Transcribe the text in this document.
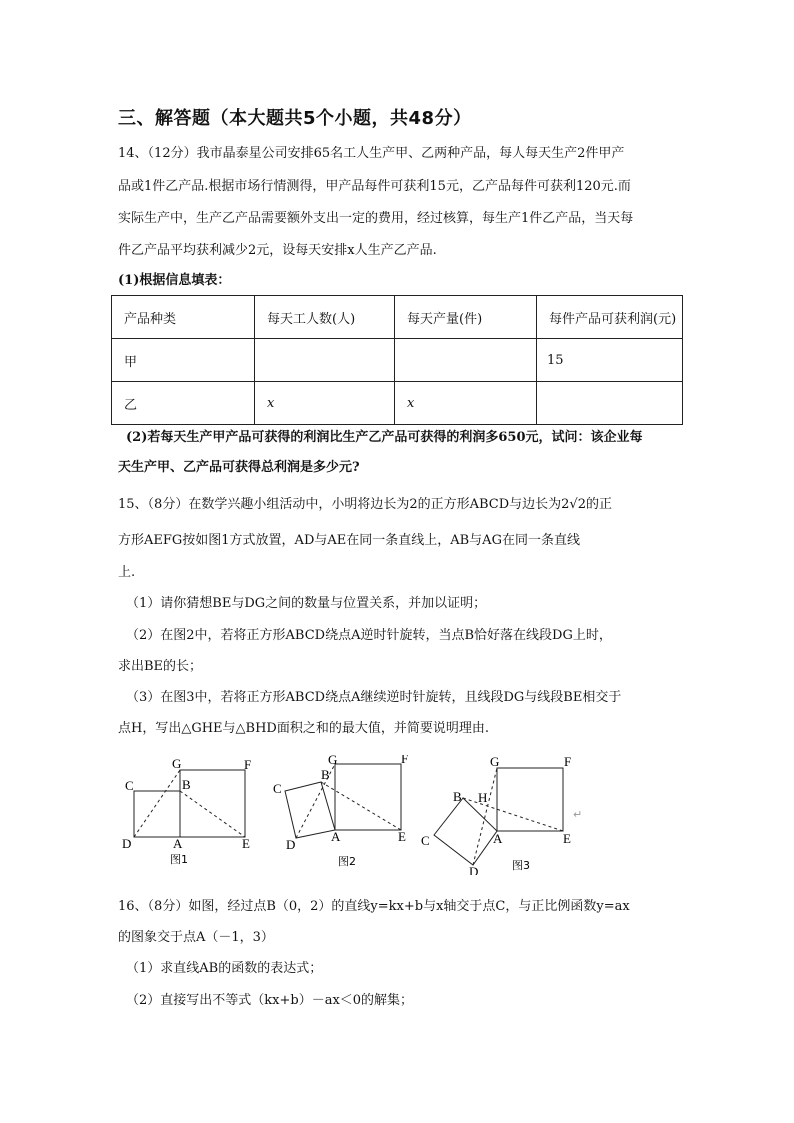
三、解答题（本大题共5个小题，共48分）
14、（12分）我市晶泰星公司安排65名工人生产甲、乙两种产品，每人每天生产2件甲产
品或1件乙产品.根据市场行情测得，甲产品每件可获利15元，乙产品每件可获利120元.而
实际生产中，生产乙产品需要额外支出一定的费用，经过核算，每生产1件乙产品，当天每
件乙产品平均获利减少2元，设每天安排x人生产乙产品.
(1)根据信息填表：
产品种类	每天工人数(人)	每天产量(件)	每件产品可获利润(元)
甲			15
乙	x	x	
(2)若每天生产甲产品可获得的利润比生产乙产品可获得的利润多650元，试问：该企业每
天生产甲、乙产品可获得总利润是多少元?
15、（8分）在数学兴趣小组活动中，小明将边长为2的正方形ABCD与边长为2√2的正
方形AEFG按如图1方式放置，AD与AE在同一条直线上，AB与AG在同一条直线
上.
（1）请你猜想BE与DG之间的数量与位置关系，并加以证明；
（2）在图2中，若将正方形ABCD绕点A逆时针旋转，当点B恰好落在线段DG上时，
求出BE的长；
（3）在图3中，若将正方形ABCD绕点A继续逆时针旋转，且线段DG与线段BE相交于
点H，写出△GHE与△BHD面积之和的最大值，并简要说明理由.
C
G
B
F
D	A	E
图1
C
B
G	F
D
A	E
图2
G	F
B H
C	A	E
D	图3
↵
16、（8分）如图，经过点B（0，2）的直线y=kx+b与x轴交于点C，与正比例函数y=ax
的图象交于点A（－1，3）
（1）求直线AB的函数的表达式；
（2）直接写出不等式（kx+b）－ax＜0的解集；
